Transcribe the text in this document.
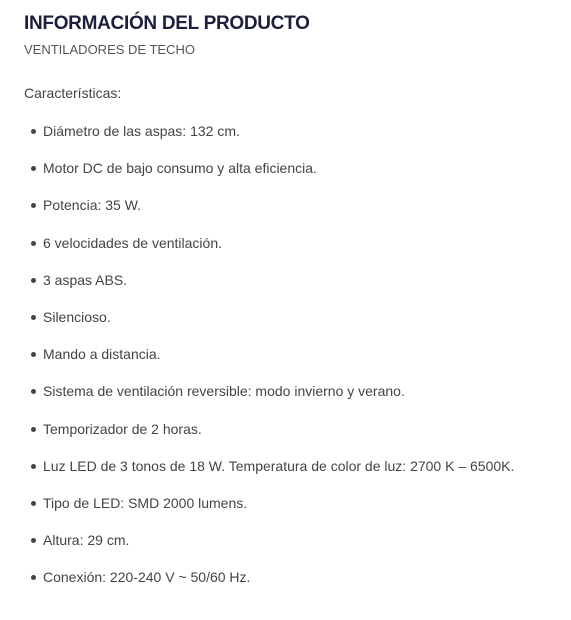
INFORMACIÓN DEL PRODUCTO
VENTILADORES DE TECHO
Características:
Diámetro de las aspas: 132 cm.
Motor DC de bajo consumo y alta eficiencia.
Potencia: 35 W.
6 velocidades de ventilación.
3 aspas ABS.
Silencioso.
Mando a distancia.
Sistema de ventilación reversible: modo invierno y verano.
Temporizador de 2 horas.
Luz LED de 3 tonos de 18 W. Temperatura de color de luz: 2700 K – 6500K.
Tipo de LED: SMD 2000 lumens.
Altura: 29 cm.
Conexión: 220-240 V ~ 50/60 Hz.
